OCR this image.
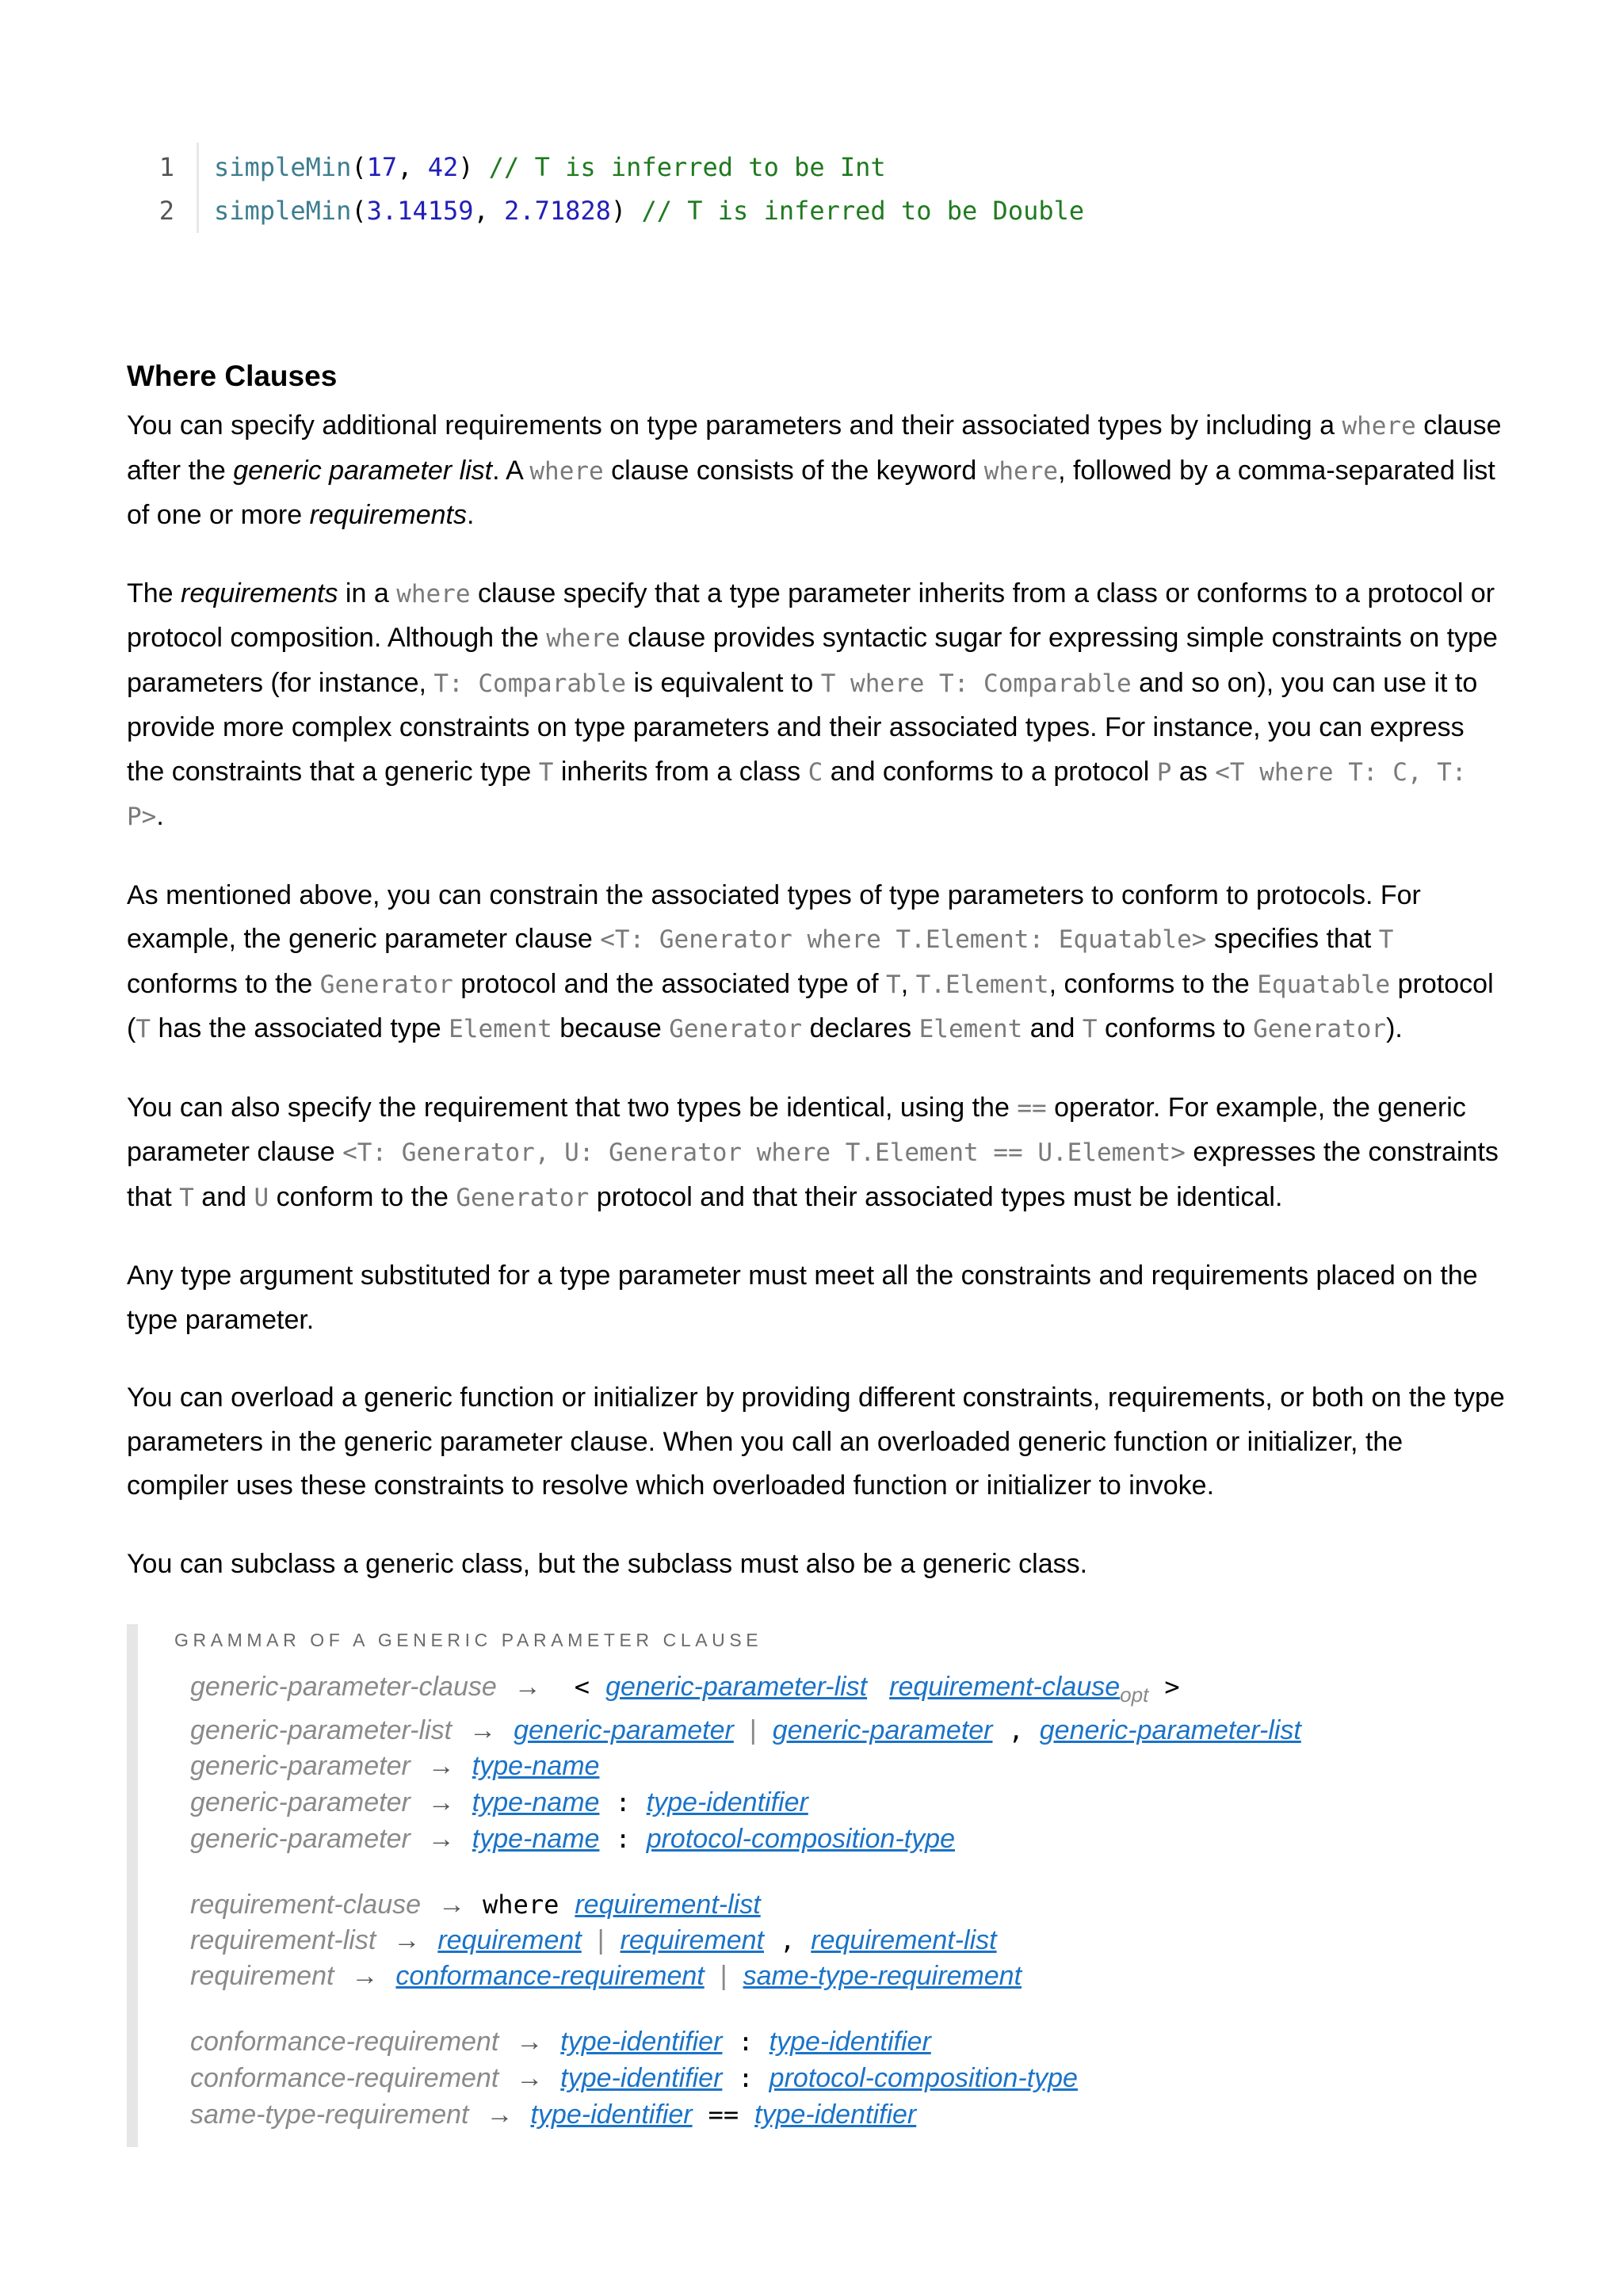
1 simpleMin(17, 42) // T is inferred to be Int
2 simpleMin(3.14159, 2.71828) // T is inferred to be Double
Where Clauses

You can specify additional requirements on type parameters and their associated types by including a where clause after the generic parameter list. A where clause consists of the keyword where, followed by a comma-separated list of one or more requirements.

The requirements in a where clause specify that a type parameter inherits from a class or conforms to a protocol or protocol composition. Although the where clause provides syntactic sugar for expressing simple constraints on type parameters (for instance, T: Comparable is equivalent to T where T: Comparable and so on), you can use it to provide more complex constraints on type parameters and their associated types. For instance, you can express the constraints that a generic type T inherits from a class C and conforms to a protocol P as <T where T: C, T: P>.

As mentioned above, you can constrain the associated types of type parameters to conform to protocols. For example, the generic parameter clause <T: Generator where T.Element: Equatable> specifies that T conforms to the Generator protocol and the associated type of T, T.Element, conforms to the Equatable protocol (T has the associated type Element because Generator declares Element and T conforms to Generator).

You can also specify the requirement that two types be identical, using the == operator. For example, the generic parameter clause <T: Generator, U: Generator where T.Element == U.Element> expresses the constraints that T and U conform to the Generator protocol and that their associated types must be identical.

Any type argument substituted for a type parameter must meet all the constraints and requirements placed on the type parameter.

You can overload a generic function or initializer by providing different constraints, requirements, or both on the type parameters in the generic parameter clause. When you call an overloaded generic function or initializer, the compiler uses these constraints to resolve which overloaded function or initializer to invoke.

You can subclass a generic class, but the subclass must also be a generic class.

GRAMMAR OF A GENERIC PARAMETER CLAUSE
generic-parameter-clause → < generic-parameter-list requirement-clause$_{opt}$ >
generic-parameter-list → generic-parameter | generic-parameter , generic-parameter-list
generic-parameter → type-name
generic-parameter → type-name : type-identifier
generic-parameter → type-name : protocol-composition-type
requirement-clause → where requirement-list
requirement-list → requirement | requirement , requirement-list
requirement → conformance-requirement | same-type-requirement
conformance-requirement → type-identifier : type-identifier
conformance-requirement → type-identifier : protocol-composition-type
same-type-requirement → type-identifier == type-identifier
